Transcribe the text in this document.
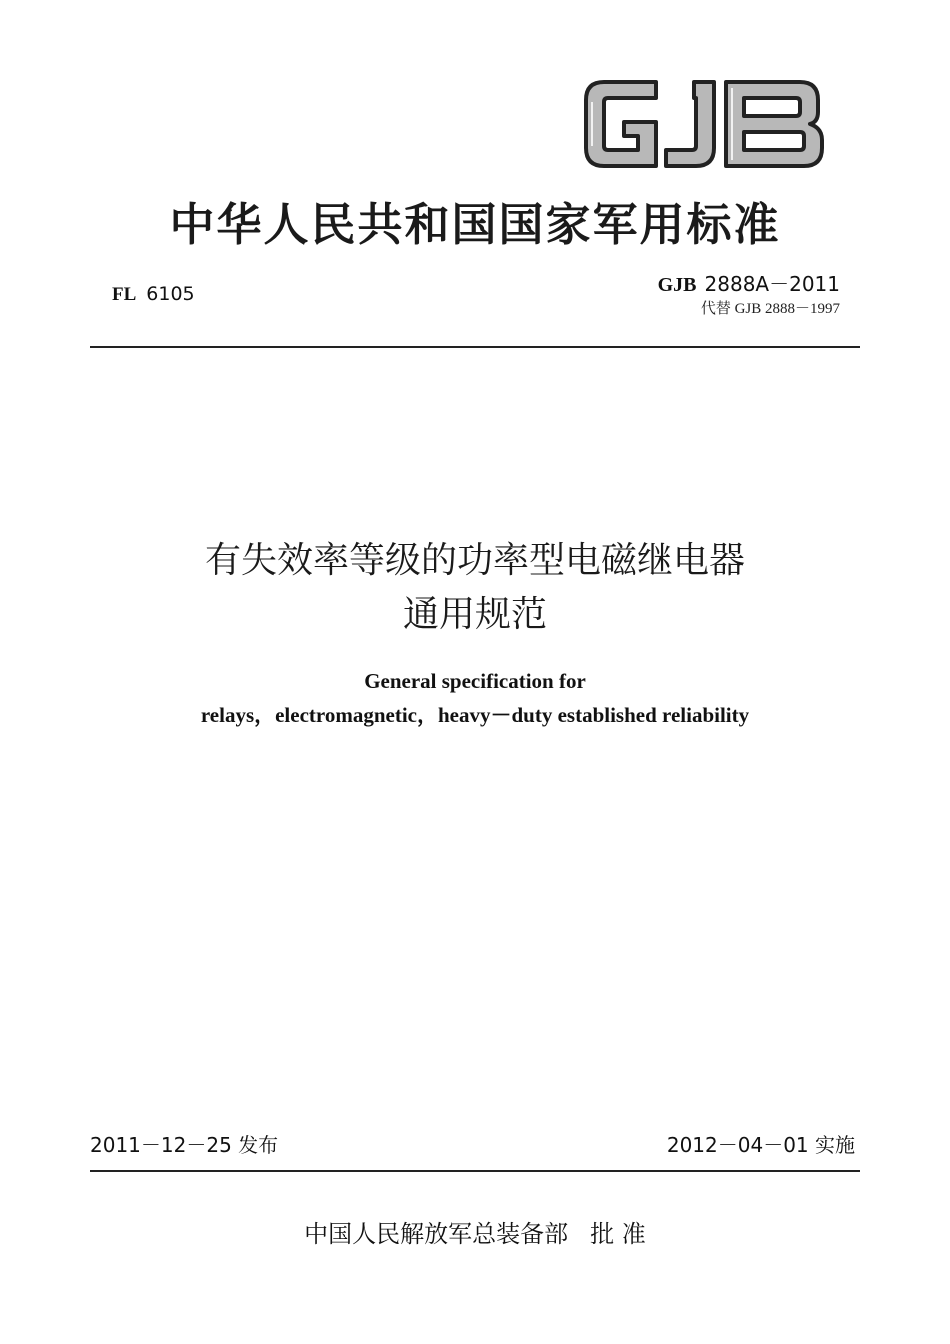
中华人民共和国国家军用标准
FL 6105	GJB 2888A－2011
代替 GJB 2888－1997
有失效率等级的功率型电磁继电器
通用规范
General specification for
relays，electromagnetic，heavy－duty established reliability
2011－12－25 发布	2012－04－01 实施
中国人民解放军总装备部 批 准
